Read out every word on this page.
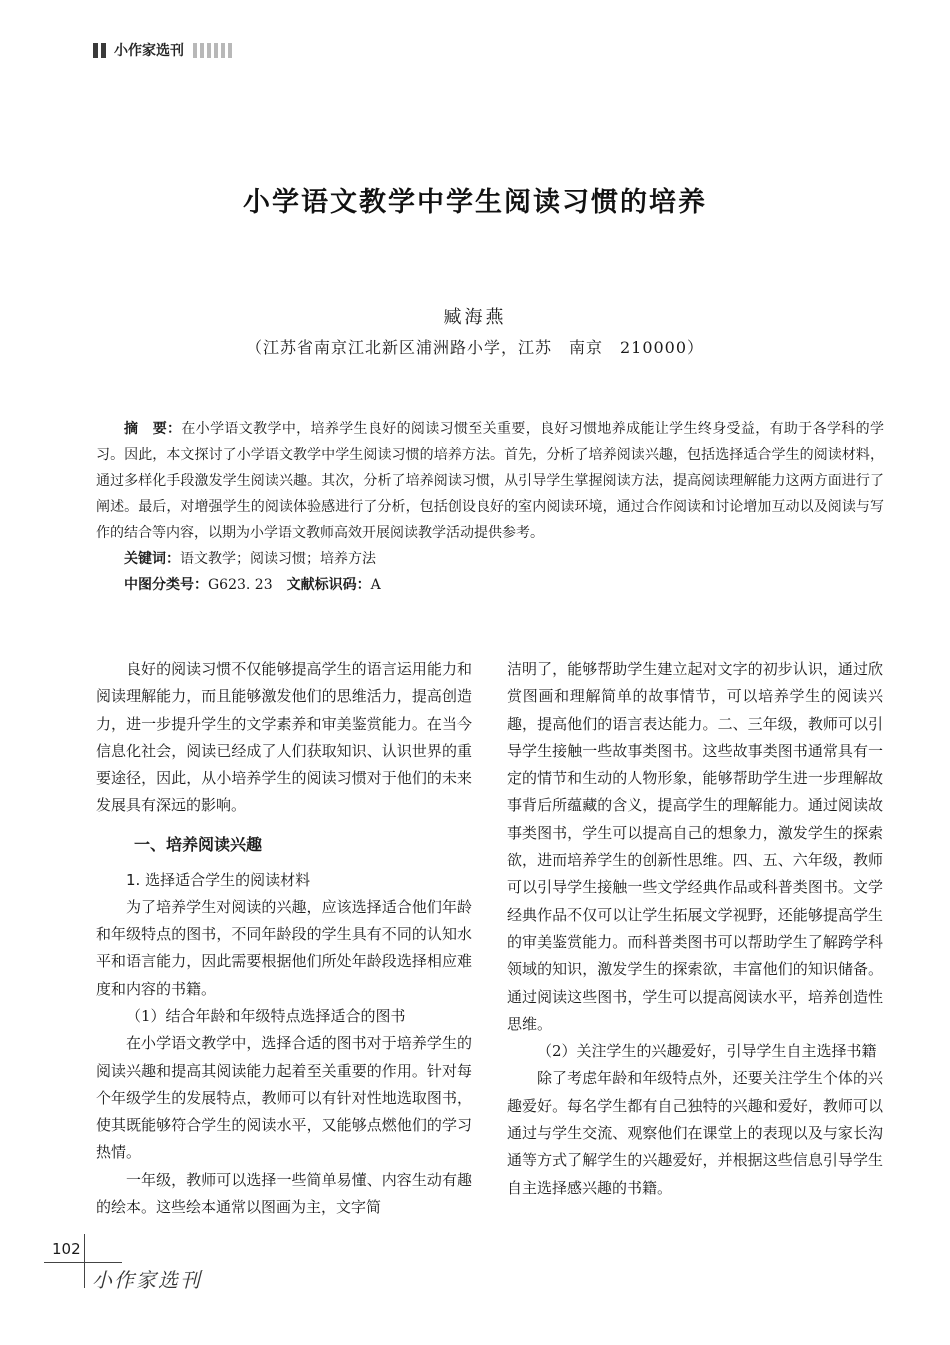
小作家选刊
小学语文教学中学生阅读习惯的培养
臧海燕
（江苏省南京江北新区浦洲路小学，江苏　南京　210000）

摘　要：在小学语文教学中，培养学生良好的阅读习惯至关重要，良好习惯地养成能让学生终身受益，有助于各学科的学习。因此，本文探讨了小学语文教学中学生阅读习惯的培养方法。首先，分析了培养阅读兴趣，包括选择适合学生的阅读材料，通过多样化手段激发学生阅读兴趣。其次，分析了培养阅读习惯，从引导学生掌握阅读方法，提高阅读理解能力这两方面进行了阐述。最后，对增强学生的阅读体验感进行了分析，包括创设良好的室内阅读环境，通过合作阅读和讨论增加互动以及阅读与写作的结合等内容，以期为小学语文教师高效开展阅读教学活动提供参考。

关键词：语文教学；阅读习惯；培养方法

中图分类号：G623. 23  文献标识码：A

良好的阅读习惯不仅能够提高学生的语言运用能力和阅读理解能力，而且能够激发他们的思维活力，提高创造力，进一步提升学生的文学素养和审美鉴赏能力。在当今信息化社会，阅读已经成了人们获取知识、认识世界的重要途径，因此，从小培养学生的阅读习惯对于他们的未来发展具有深远的影响。

一、培养阅读兴趣
1. 选择适合学生的阅读材料

为了培养学生对阅读的兴趣，应该选择适合他们年龄和年级特点的图书，不同年龄段的学生具有不同的认知水平和语言能力，因此需要根据他们所处年龄段选择相应难度和内容的书籍。

（1）结合年龄和年级特点选择适合的图书

在小学语文教学中，选择合适的图书对于培养学生的阅读兴趣和提高其阅读能力起着至关重要的作用。针对每个年级学生的发展特点，教师可以有针对性地选取图书，使其既能够符合学生的阅读水平，又能够点燃他们的学习热情。

一年级，教师可以选择一些简单易懂、内容生动有趣的绘本。这些绘本通常以图画为主，文字简

洁明了，能够帮助学生建立起对文字的初步认识，通过欣赏图画和理解简单的故事情节，可以培养学生的阅读兴趣，提高他们的语言表达能力。二、三年级，教师可以引导学生接触一些故事类图书。这些故事类图书通常具有一定的情节和生动的人物形象，能够帮助学生进一步理解故事背后所蕴藏的含义，提高学生的理解能力。通过阅读故事类图书，学生可以提高自己的想象力，激发学生的探索欲，进而培养学生的创新性思维。四、五、六年级，教师可以引导学生接触一些文学经典作品或科普类图书。文学经典作品不仅可以让学生拓展文学视野，还能够提高学生的审美鉴赏能力。而科普类图书可以帮助学生了解跨学科领域的知识，激发学生的探索欲，丰富他们的知识储备。通过阅读这些图书，学生可以提高阅读水平，培养创造性思维。

（2）关注学生的兴趣爱好，引导学生自主选择书籍

除了考虑年龄和年级特点外，还要关注学生个体的兴趣爱好。每名学生都有自己独特的兴趣和爱好，教师可以通过与学生交流、观察他们在课堂上的表现以及与家长沟通等方式了解学生的兴趣爱好，并根据这些信息引导学生自主选择感兴趣的书籍。

102
小作家选刊
